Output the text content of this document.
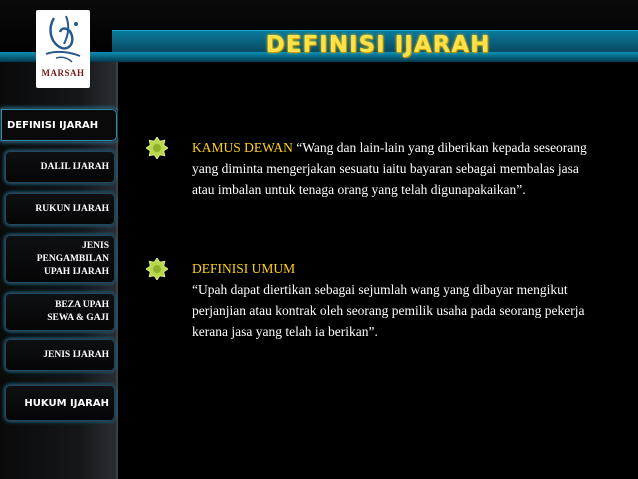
DEFINISI IJARAH
MARSAH
DEFINISI IJARAH
DALIL IJARAH
RUKUN IJARAH
JENIS
PENGAMBILAN
UPAH IJARAH
BEZA UPAH
SEWA & GAJI
JENIS IJARAH
HUKUM IJARAH
KAMUS DEWAN “Wang dan lain-lain yang diberikan kepada seseorang yang diminta mengerjakan sesuatu iaitu bayaran sebagai membalas jasa atau imbalan untuk tenaga orang yang telah digunapakaikan”.
DEFINISI UMUM
“Upah dapat diertikan sebagai sejumlah wang yang dibayar mengikut perjanjian atau kontrak oleh seorang pemilik usaha pada seorang pekerja kerana jasa yang telah ia berikan”.
